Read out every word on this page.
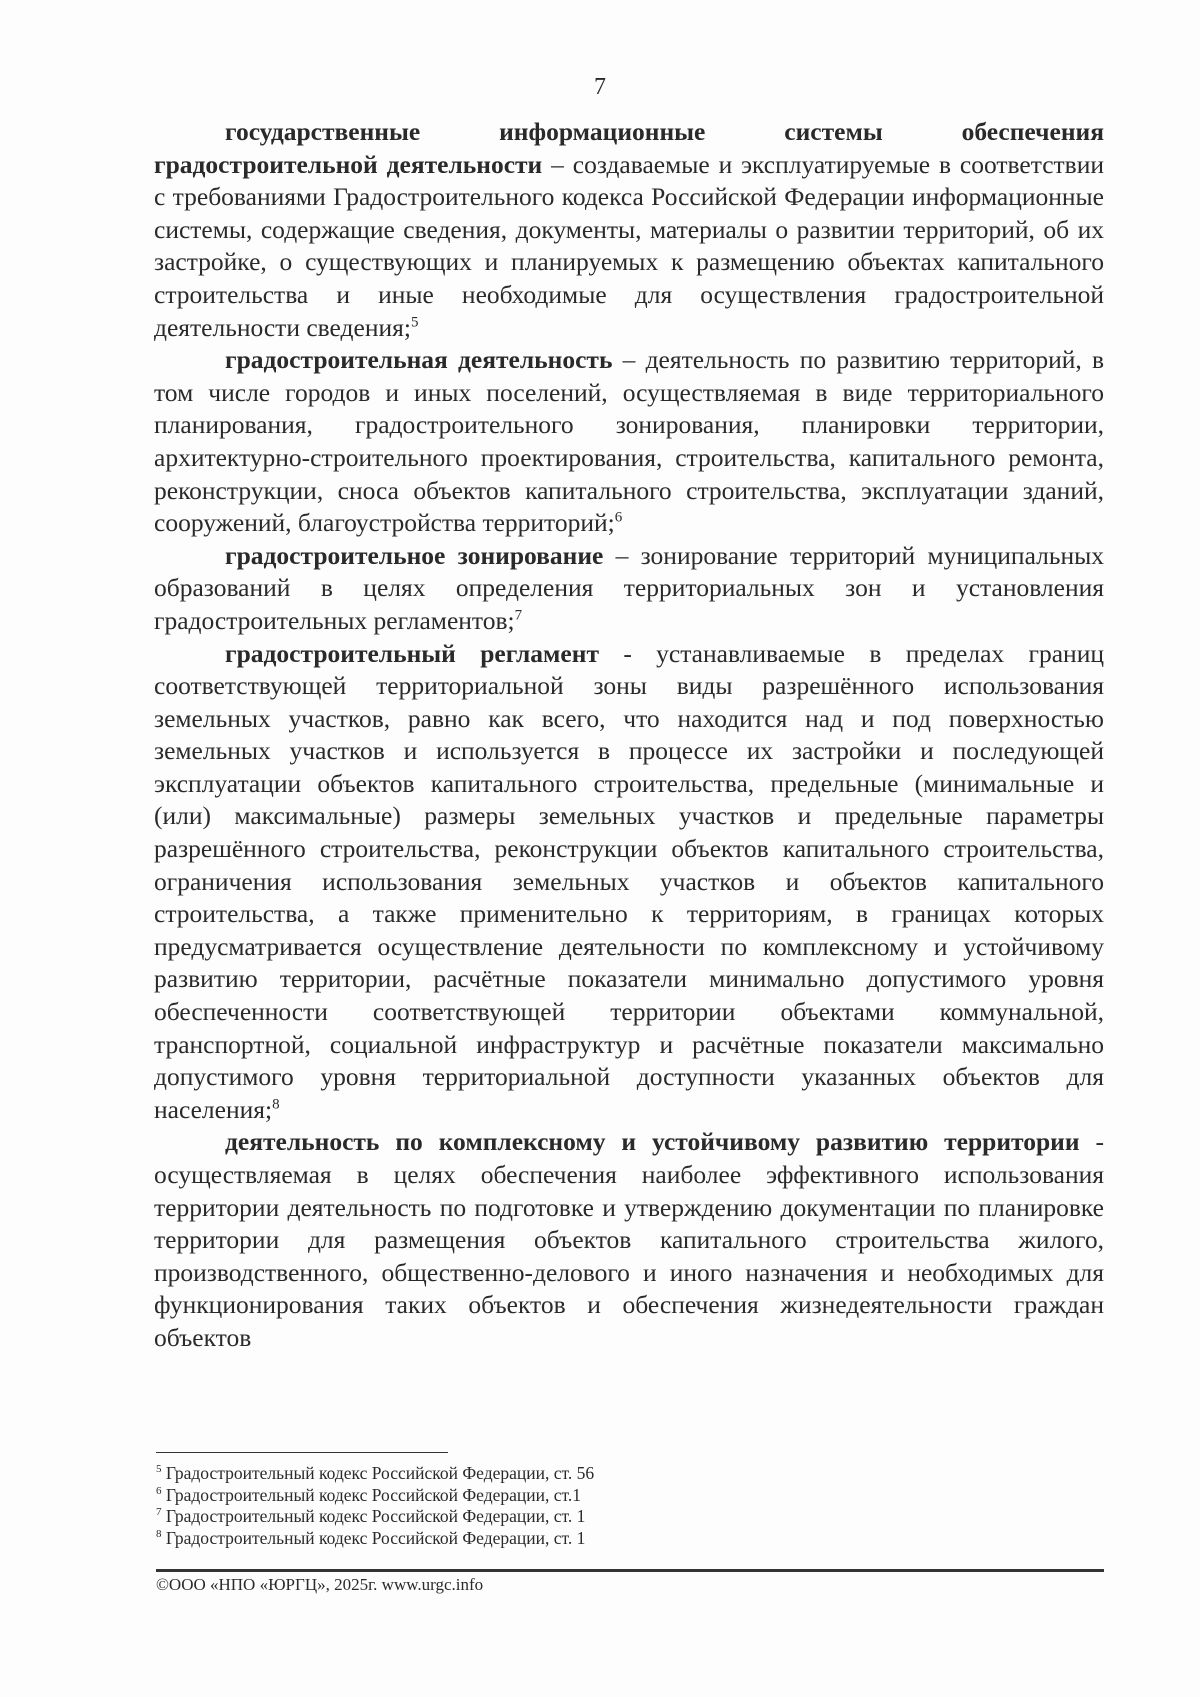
7

государственные информационные системы обеспечения градостроительной деятельности – создаваемые и эксплуатируемые в соответствии с требованиями Градостроительного кодекса Российской Федерации информационные системы, содержащие сведения, документы, материалы о развитии территорий, об их застройке, о существующих и планируемых к размещению объектах капитального строительства и иные необходимые для осуществления градостроительной деятельности сведения;$^5$

градостроительная деятельность – деятельность по развитию территорий, в том числе городов и иных поселений, осуществляемая в виде территориального планирования, градостроительного зонирования, планировки территории, архитектурно-строительного проектирования, строительства, капитального ремонта, реконструкции, сноса объектов капитального строительства, эксплуатации зданий, сооружений, благоустройства территорий;$^6$

градостроительное зонирование – зонирование территорий муниципальных образований в целях определения территориальных зон и установления градостроительных регламентов;$^7$

градостроительный регламент - устанавливаемые в пределах границ соответствующей территориальной зоны виды разрешённого использования земельных участков, равно как всего, что находится над и под поверхностью земельных участков и используется в процессе их застройки и последующей эксплуатации объектов капитального строительства, предельные (минимальные и (или) максимальные) размеры земельных участков и предельные параметры разрешённого строительства, реконструкции объектов капитального строительства, ограничения использования земельных участков и объектов капитального строительства, а также применительно к территориям, в границах которых предусматривается осуществление деятельности по комплексному и устойчивому развитию территории, расчётные показатели минимально допустимого уровня обеспеченности соответствующей территории объектами коммунальной, транспортной, социальной инфраструктур и расчётные показатели максимально допустимого уровня территориальной доступности указанных объектов для населения;$^8$

деятельность по комплексному и устойчивому развитию территории - осуществляемая в целях обеспечения наиболее эффективного использования территории деятельность по подготовке и утверждению документации по планировке территории для размещения объектов капитального строительства жилого, производственного, общественно-делового и иного назначения и необходимых для функционирования таких объектов и обеспечения жизнедеятельности граждан объектов

$^5$ Градостроительный кодекс Российской Федерации, ст. 56
$^6$ Градостроительный кодекс Российской Федерации, ст.1
$^7$ Градостроительный кодекс Российской Федерации, ст. 1
$^8$ Градостроительный кодекс Российской Федерации, ст. 1
©ООО «НПО «ЮРГЦ», 2025г. www.urgc.info
